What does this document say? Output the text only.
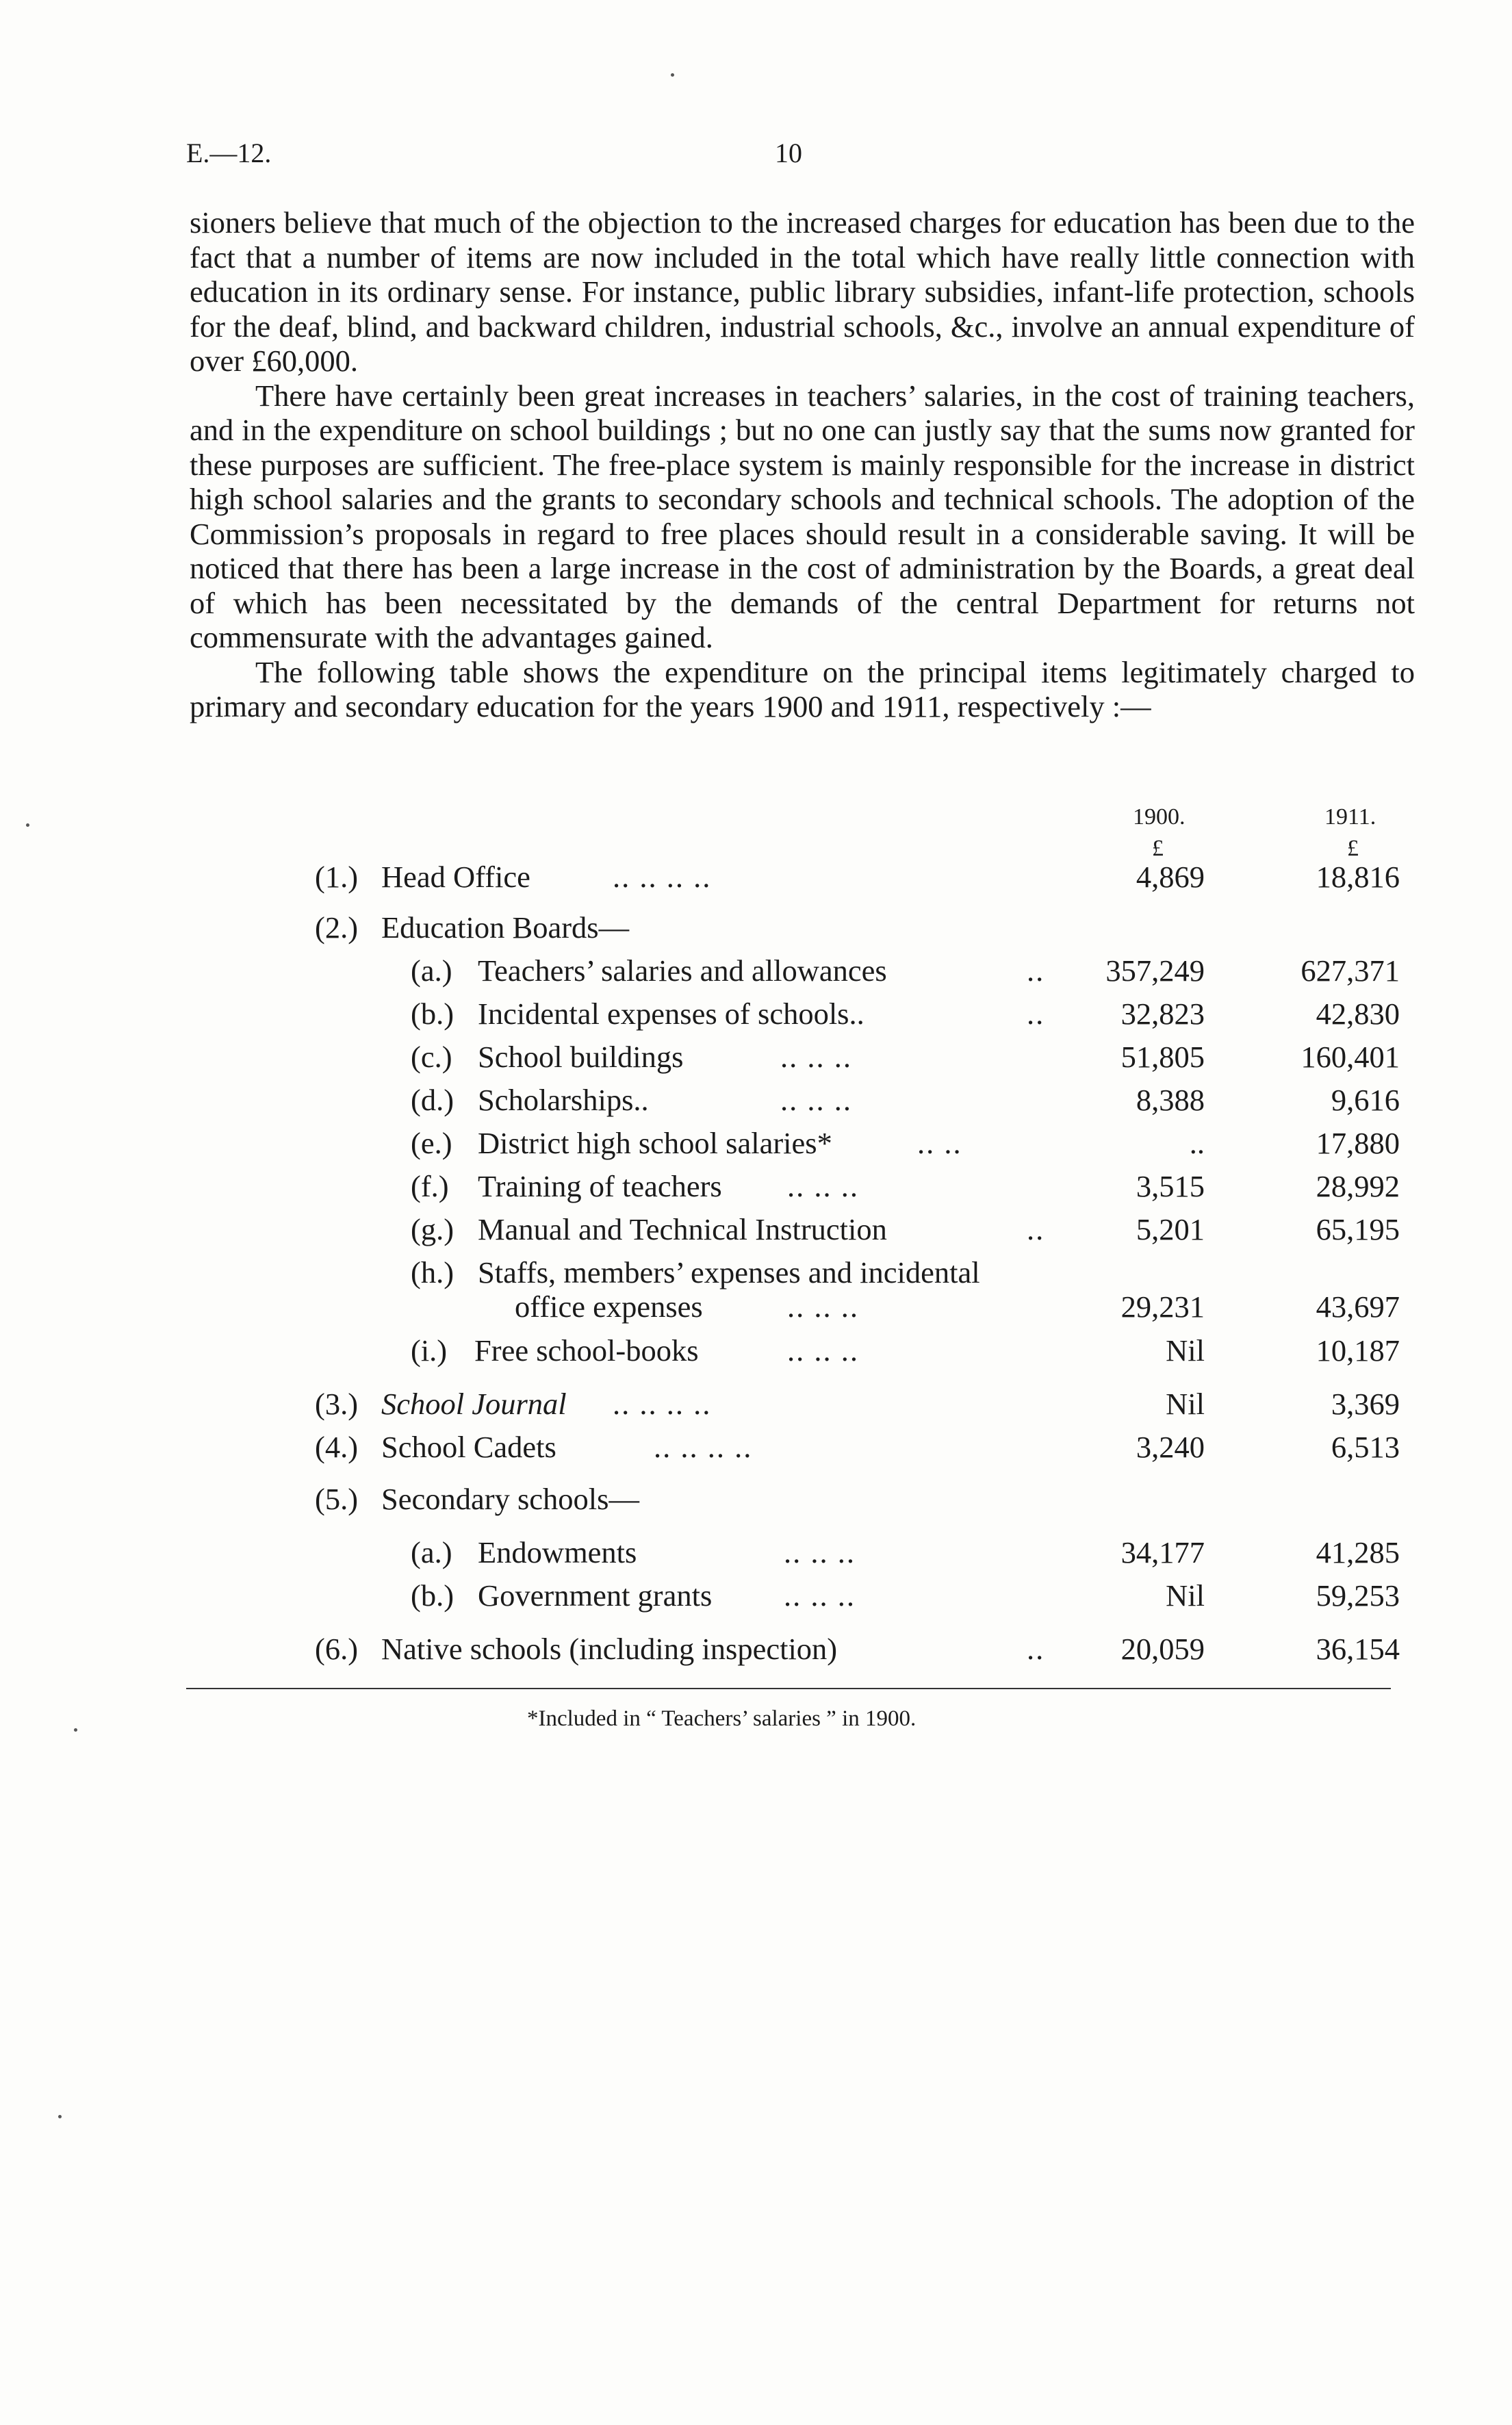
E.—12.	10

sioners believe that much of the objection to the increased charges for education has been due to the fact that a number of items are now included in the total which have really little connection with education in its ordinary sense. For instance, public library subsidies, infant-life protection, schools for the deaf, blind, and backward children, industrial schools, &c., involve an annual expenditure of over £60,000.

There have certainly been great increases in teachers’ salaries, in the cost of training teachers, and in the expenditure on school buildings ; but no one can justly say that the sums now granted for these purposes are sufficient. The free-place system is mainly responsible for the increase in district high school salaries and the grants to secondary schools and technical schools. The adoption of the Commission’s proposals in regard to free places should result in a considerable saving. It will be noticed that there has been a large increase in the cost of administration by the Boards, a great deal of which has been necessitated by the demands of the central Department for returns not commensurate with the advantages gained.

The following table shows the expenditure on the principal items legitimately charged to primary and secondary education for the years 1900 and 1911, respectively :—

1900.	1911.
£	£
(1.) Head Office	.. .. .. ..	4,869	18,816
(2.) Education Boards—
(a.) Teachers’ salaries and allowances	..	357,249	627,371
(b.) Incidental expenses of schools..	..	32,823	42,830
(c.) School buildings	.. .. ..	51,805	160,401
(d.) Scholarships..	.. .. ..	8,388	9,616
(e.) District high school salaries*	.. ..	..	17,880
(f.) Training of teachers .. .. ..	3,515	28,992
(g.) Manual and Technical Instruction	..	5,201	65,195
(h.) Staffs, members’ expenses and incidental
office expenses	.. .. ..	29,231	43,697
(i.) Free school-books	.. .. ..	Nil	10,187
(3.) School Journal .. .. .. ..	Nil	3,369
(4.) School Cadets	.. .. .. ..	3,240	6,513
(5.) Secondary schools—
(a.) Endowments	.. .. ..	34,177	41,285
(b.) Government grants .. .. ..	Nil	59,253
(6.) Native schools (including inspection)	..	20,059	36,154
*Included in “ Teachers’ salaries ” in 1900.
